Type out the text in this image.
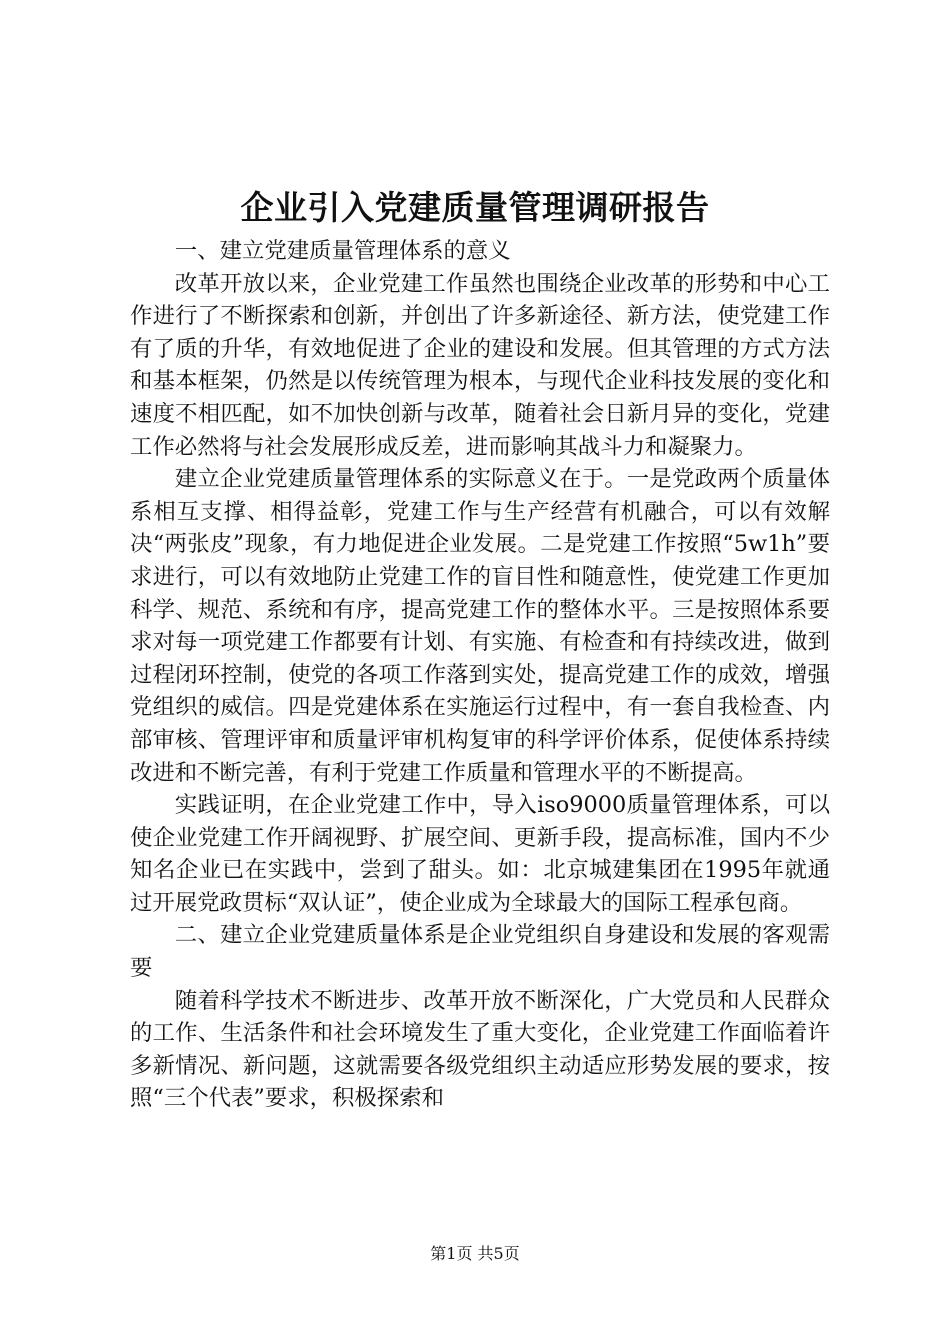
企业引入党建质量管理调研报告

一、建立党建质量管理体系的意义

改革开放以来，企业党建工作虽然也围绕企业改革的形势和中心工作进行了不断探索和创新，并创出了许多新途径、新方法，使党建工作有了质的升华，有效地促进了企业的建设和发展。但其管理的方式方法和基本框架，仍然是以传统管理为根本，与现代企业科技发展的变化和速度不相匹配，如不加快创新与改革，随着社会日新月异的变化，党建工作必然将与社会发展形成反差，进而影响其战斗力和凝聚力。

建立企业党建质量管理体系的实际意义在于。一是党政两个质量体系相互支撑、相得益彰，党建工作与生产经营有机融合，可以有效解决“两张皮”现象，有力地促进企业发展。二是党建工作按照“5w1h”要求进行，可以有效地防止党建工作的盲目性和随意性，使党建工作更加科学、规范、系统和有序，提高党建工作的整体水平。三是按照体系要求对每一项党建工作都要有计划、有实施、有检查和有持续改进，做到过程闭环控制，使党的各项工作落到实处，提高党建工作的成效，增强党组织的威信。四是党建体系在实施运行过程中，有一套自我检查、内部审核、管理评审和质量评审机构复审的科学评价体系，促使体系持续改进和不断完善，有利于党建工作质量和管理水平的不断提高。

实践证明，在企业党建工作中，导入iso9000质量管理体系，可以使企业党建工作开阔视野、扩展空间、更新手段，提高标准，国内不少知名企业已在实践中，尝到了甜头。如：北京城建集团在1995年就通过开展党政贯标“双认证”，使企业成为全球最大的国际工程承包商。

二、建立企业党建质量体系是企业党组织自身建设和发展的客观需要

随着科学技术不断进步、改革开放不断深化，广大党员和人民群众的工作、生活条件和社会环境发生了重大变化，企业党建工作面临着许多新情况、新问题，这就需要各级党组织主动适应形势发展的要求，按照“三个代表”要求，积极探索和

第1页 共5页
